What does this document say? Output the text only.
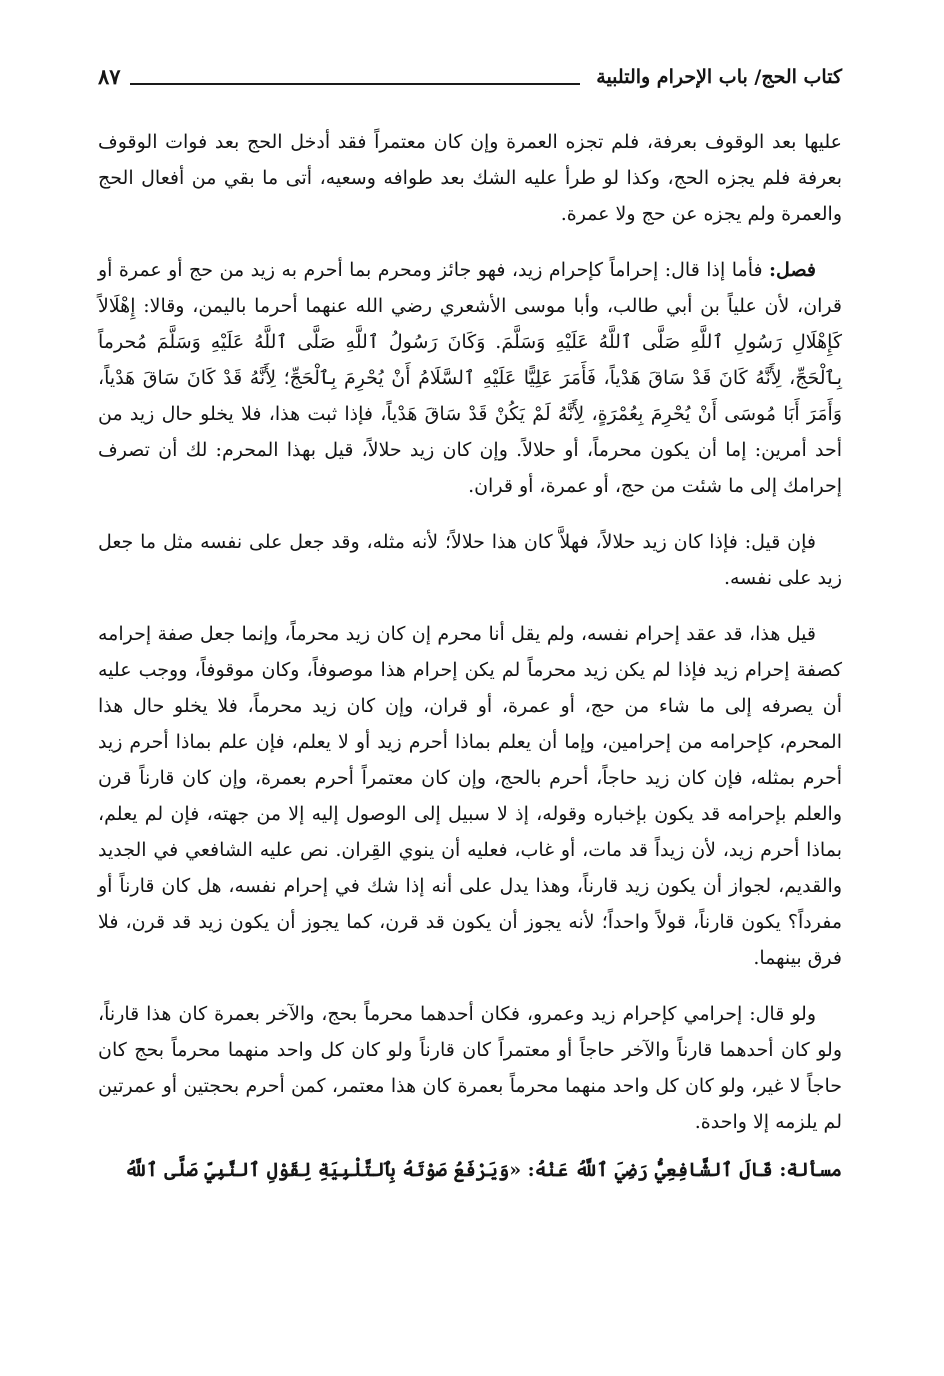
٨٧	كتاب الحج/ باب الإحرام والتلبية

عليها بعد الوقوف بعرفة، فلم تجزه العمرة وإن كان معتمراً فقد أدخل الحج بعد فوات الوقوف بعرفة فلم يجزه الحج، وكذا لو طرأ عليه الشك بعد طوافه وسعيه، أتى ما بقي من أفعال الحج والعمرة ولم يجزه عن حج ولا عمرة.

فصل: فأما إذا قال: إحراماً كإحرام زيد، فهو جائز ومحرم بما أحرم به زيد من حج أو عمرة أو قران، لأن علياً بن أبي طالب، وأبا موسى الأشعري رضي الله عنهما أحرما باليمن، وقالا: إِهْلَالاً كَإِهْلَالِ رَسُولِ ٱللَّهِ صَلَّى ٱللَّهُ عَلَيْهِ وَسَلَّمَ. وَكَانَ رَسُولُ ٱللَّهِ صَلَّى ٱللَّهُ عَلَيْهِ وَسَلَّمَ مُحرماً بِٱلْحَجِّ، لِأَنَّهُ كَانَ قَدْ سَاقَ هَدْياً، فَأَمَرَ عَلِيًّا عَلَيْهِ ٱلسَّلَامُ أَنْ يُحْرِمَ بِٱلْحَجِّ؛ لِأَنَّهُ قَدْ كَانَ سَاقَ هَدْياً، وَأَمَرَ أَبَا مُوسَى أَنْ يُحْرِمَ بِعُمْرَةٍ، لِأَنَّهُ لَمْ يَكُنْ قَدْ سَاقَ هَدْياً، فإذا ثبت هذا، فلا يخلو حال زيد من أحد أمرين: إما أن يكون محرماً، أو حلالاً. وإن كان زيد حلالاً، قيل بهذا المحرم: لك أن تصرف إحرامك إلى ما شئت من حج، أو عمرة، أو قران.

فإن قيل: فإذا كان زيد حلالاً، فهلاَّ كان هذا حلالاً؛ لأنه مثله، وقد جعل على نفسه مثل ما جعل زيد على نفسه.

قيل هذا، قد عقد إحرام نفسه، ولم يقل أنا محرم إن كان زيد محرماً، وإنما جعل صفة إحرامه كصفة إحرام زيد فإذا لم يكن زيد محرماً لم يكن إحرام هذا موصوفاً، وكان موقوفاً، ووجب عليه أن يصرفه إلى ما شاء من حج، أو عمرة، أو قران، وإن كان زيد محرماً، فلا يخلو حال هذا المحرم، كإحرامه من إحرامين، وإما أن يعلم بماذا أحرم زيد أو لا يعلم، فإن علم بماذا أحرم زيد أحرم بمثله، فإن كان زيد حاجاً، أحرم بالحج، وإن كان معتمراً أحرم بعمرة، وإن كان قارناً قرن والعلم بإحرامه قد يكون بإخباره وقوله، إذ لا سبيل إلى الوصول إليه إلا من جهته، فإن لم يعلم، بماذا أحرم زيد، لأن زيداً قد مات، أو غاب، فعليه أن ينوي القِران. نص عليه الشافعي في الجديد والقديم، لجواز أن يكون زيد قارناً، وهذا يدل على أنه إذا شك في إحرام نفسه، هل كان قارناً أو مفرداً؟ يكون قارناً، قولاً واحداً؛ لأنه يجوز أن يكون قد قرن، كما يجوز أن يكون زيد قد قرن، فلا فرق بينهما.

ولو قال: إحرامي كإحرام زيد وعمرو، فكان أحدهما محرماً بحج، والآخر بعمرة كان هذا قارناً، ولو كان أحدهما قارناً والآخر حاجاً أو معتمراً كان قارناً ولو كان كل واحد منهما محرماً بحج كان حاجاً لا غير، ولو كان كل واحد منهما محرماً بعمرة كان هذا معتمر، كمن أحرم بحجتين أو عمرتين لم يلزمه إلا واحدة.

مسألة: قَالَ ٱلشَّافِعِيُّ رَضِيَ ٱللَّهُ عَنْهُ: «وَيَرْفَعُ صَوْتَهُ بِٱلتَّلْبِيَةِ لِقَوْلِ ٱلنَّبِيِّ صَلَّى ٱللَّهُ
